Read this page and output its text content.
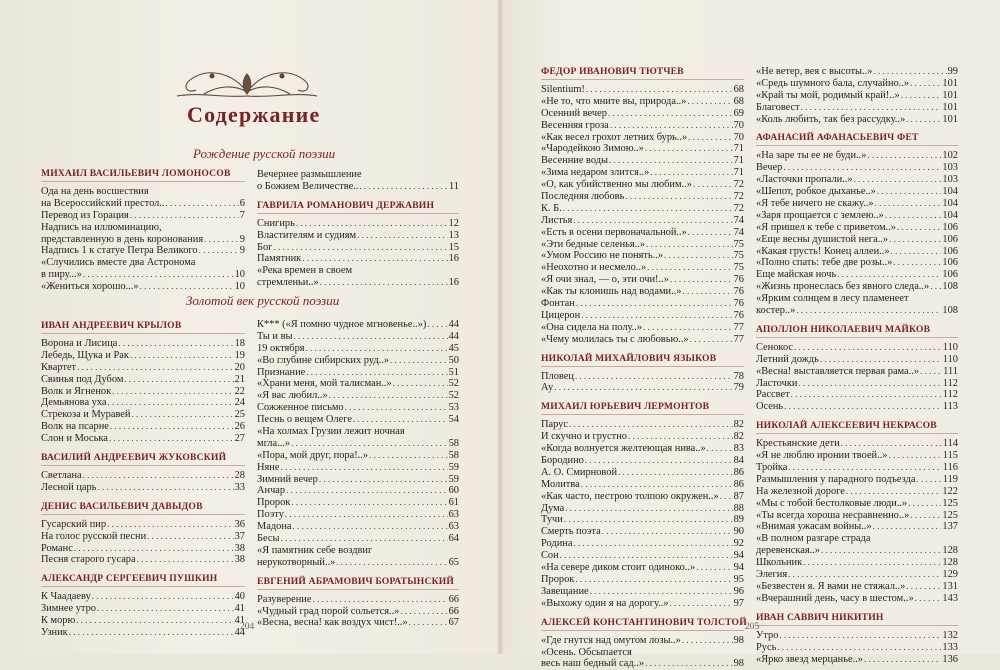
Содержание
Рождение русской поэзии
Золотой век русской поэзии
МИХАИЛ ВАСИЛЬЕВИЧ ЛОМОНОСОВ
Ода на день восшествия
на Всероссийский престол.. . . .	6
Перевод из Горация . . .	7
Надпись на иллюминацию,
представленную в день коронования . . .	9
Надпись 1 к статуе Петра Великого . . .	9
«Случились вместе два Астронома
в пиру...» . . .	10
«Жениться хорошо...» . . .	10
Вечернее размышление
о Божием Величестве.. . . .	11
ГАВРИЛА РОМАНОВИЧ ДЕРЖАВИН
Снигирь . . .	12
Властителям и судиям . . .	13
Бог . . .	15
Памятник . . .	16
«Река времен в своем
стремленьи..» . . .	16
ИВАН АНДРЕЕВИЧ КРЫЛОВ
Ворона и Лисица . . .	18
Лебедь, Щука и Рак . . .	19
Квартет . . .	20
Свинья под Дубом . . .	21
Волк и Ягненок . . .	22
Демьянова уха . . .	24
Стрекоза и Муравей . . .	25
Волк на псарне . . .	26
Слон и Моська . . .	27
ВАСИЛИЙ АНДРЕЕВИЧ ЖУКОВСКИЙ
Светлана . . .	28
Лесной царь . . .	33
ДЕНИС ВАСИЛЬЕВИЧ ДАВЫДОВ
Гусарский пир . . .	36
На голос русской песни . . .	37
Романс . . .	38
Песня старого гусара . . .	38
АЛЕКСАНДР СЕРГЕЕВИЧ ПУШКИН
К Чаадаеву . . .	40
Зимнее утро . . .	41
К морю . . .	41
Узник . . .	44
К*** («Я помню чудное мгновенье..») . . . 44
Ты и вы . . .	44
19 октября . . .	45
«Во глубине сибирских руд..» . . .	50
Признание . . .	51
«Храни меня, мой талисман..» . . .	52
«Я вас любил..» . . .	52
Сожженное письмо . . .	53
Песнь о вещем Олеге . . .	54
«На холмах Грузии лежит ночная
мгла...» . . .	58
«Пора, мой друг, пора!..» . . .	58
Няне . . .	59
Зимний вечер . . .	59
Анчар . . .	60
Пророк . . .	61
Поэту . . .	63
Мадона . . .	63
Бесы . . .	64
«Я памятник себе воздвиг
нерукотворный..» . . .	65
ЕВГЕНИЙ АБРАМОВИЧ БОРАТЫНСКИЙ
Разуверение . . .	66
«Чудный град порой сольется..» . . .	66
«Весна, весна! как воздух чист!..» . . .	67
204
ФЕДОР ИВАНОВИЧ ТЮТЧЕВ
Silentium! . . .	68
«Не то, что мните вы, природа..» . . .	68
Осенний вечер . . .	69
Весенняя гроза . . .	70
«Как весел грохот летних бурь..» . . .	70
«Чародейкою Зимою..» . . .	71
Весенние воды . . .	71
«Зима недаром злится..» . . .	71
«О, как убийственно мы любим..» . . .	72
Последняя любовь . . .	72
К. Б. . . .	72
Листья . . .	74
«Есть в осени первоначальной..» . . .	74
«Эти бедные селенья..» . . .	75
«Умом Россию не понять..» . . .	75
«Неохотно и несмело..» . . .	75
«Я очи знал, — о, эти очи!..» . . .	76
«Как ты клонишь над водами..» . . .	76
Фонтан . . .	76
Цицерон . . .	76
«Она сидела на полу..» . . .	77
«Чему молилась ты с любовью..» . . .	77
НИКОЛАЙ МИХАЙЛОВИЧ ЯЗЫКОВ
Пловец . . .	78
Ау . . .	79
МИХАИЛ ЮРЬЕВИЧ ЛЕРМОНТОВ
Парус . . .	82
И скучно и грустно . . .	82
«Когда волнуется желтеющая нива..» . . .	83
Бородино . . .	84
А. О. Смирновой . . .	86
Молитва . . .	86
«Как часто, пестрою толпою окружен..» . . . 87
Дума . . .	88
Тучи . . .	89
Смерть поэта . . .	90
Родина . . .	92
Сон . . .	94
«На севере диком стоит одиноко..» . . .	94
Пророк . . .	95
Завещание . . .	96
«Выхожу один я на дорогу..» . . .	97
АЛЕКСЕЙ КОНСТАНТИНОВИЧ ТОЛСТОЙ
«Где гнутся над омутом лозы..» . . .	98
«Осень. Обсыпается
весь наш бедный сад..» . . .	98
«Не ветер, вея с высоты..» . . .	99
«Средь шумного бала, случайно..» . . .	101
«Край ты мой, родимый край!..» . . .	101
Благовест . . .	101
«Коль любить, так без рассудку..» . . .	101
АФАНАСИЙ АФАНАСЬЕВИЧ ФЕТ
«На заре ты ее не буди..» . . .	102
Вечер . . .	103
«Ласточки пропали..» . . .	103
«Шепот, робкое дыханье..» . . .	104
«Я тебе ничего не скажу..» . . .	104
«Заря прощается с землею..» . . .	104
«Я пришел к тебе с приветом..» . . .	106
«Еще весны душистой нега..» . . .	106
«Какая грусть! Конец аллеи..» . . .	106
«Полно спать: тебе две розы..» . . .	106
Еще майская ночь . . .	106
«Жизнь пронеслась без явного следа..» . . . 108
«Ярким солнцем в лесу пламенеет
костер..» . . .	108
АПОЛЛОН НИКОЛАЕВИЧ МАЙКОВ
Сенокос . . .	110
Летний дождь . . .	110
«Весна! выставляется первая рама..» . . . 111
Ласточки . . .	112
Рассвет . . .	112
Осень . . .	113
НИКОЛАЙ АЛЕКСЕЕВИЧ НЕКРАСОВ
Крестьянские дети . . .	114
«Я не люблю иронии твоей..» . . .	115
Тройка . . .	116
Размышления у парадного подъезда . . .	119
На железной дороге . . .	122
«Мы с тобой бестолковые люди..» . . .	125
«Ты всегда хороша несравненно..» . . .	125
«Внимая ужасам войны..» . . .	137
«В полном разгаре страда
деревенская..» . . .	128
Школьник . . .	128
Элегия . . .	129
«Безвестен я. Я вами не стяжал..» . . .	131
«Вчерашний день, часу в шестом..» . . .	143
ИВАН САВВИЧ НИКИТИН
Утро . . .	132
Русь . . .	133
«Ярко звезд мерцанье..» . . .	136
205
